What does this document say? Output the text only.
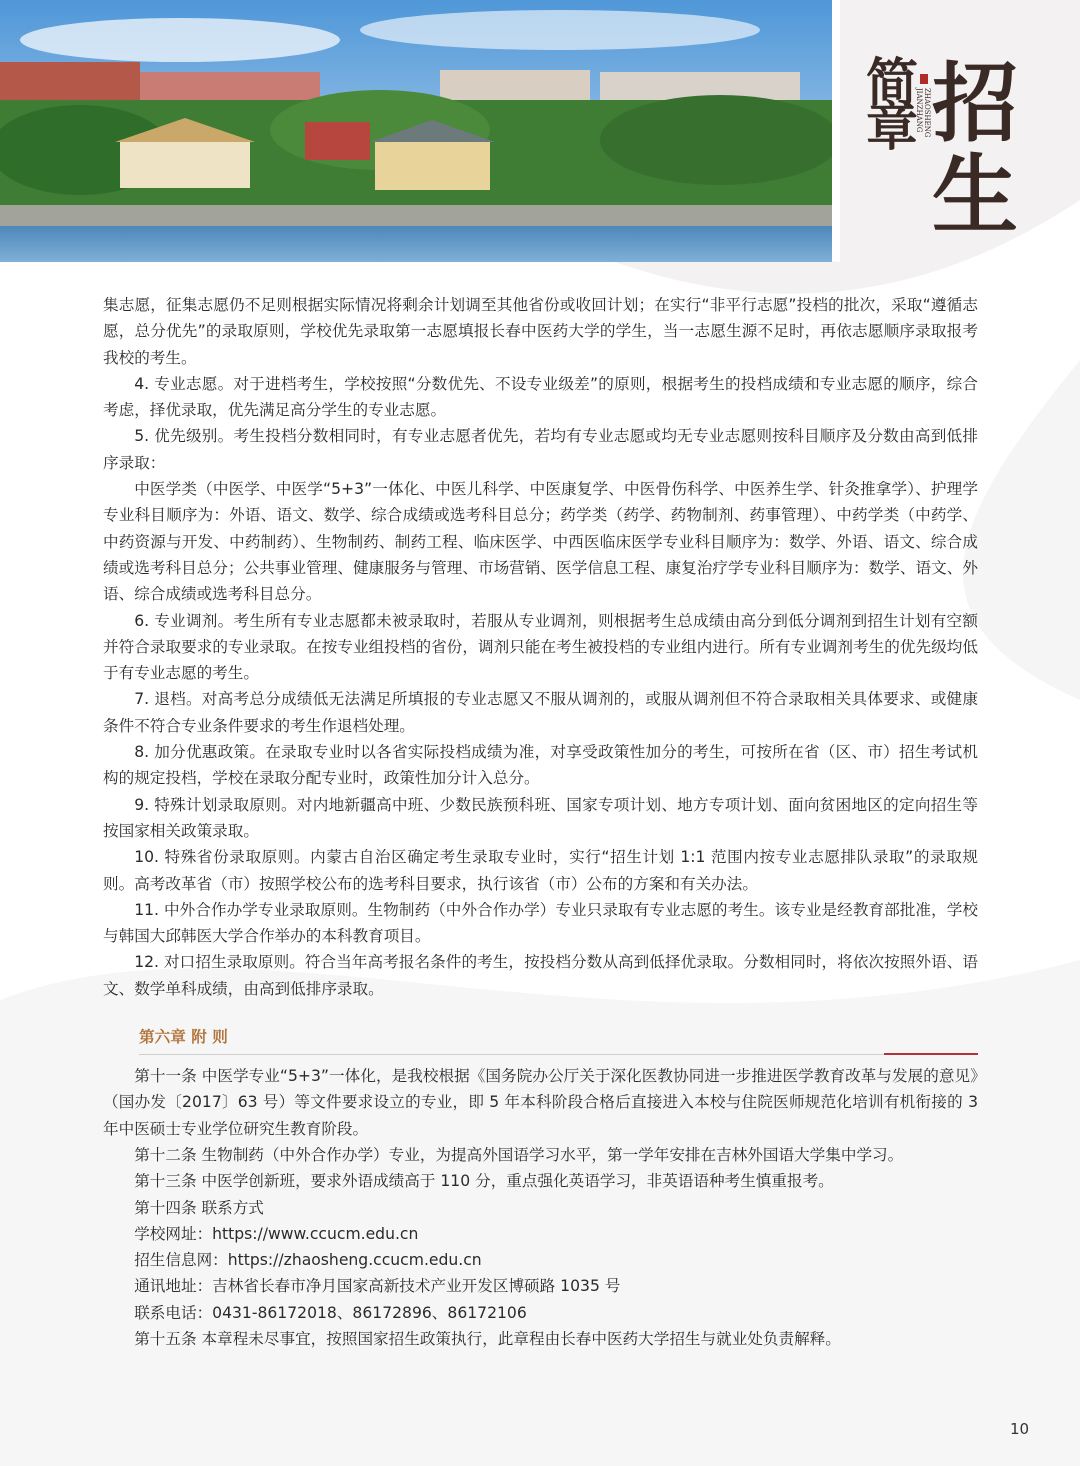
简章 ZHAOSHENG JIANZHANG 招生

集志愿，征集志愿仍不足则根据实际情况将剩余计划调至其他省份或收回计划；在实行“非平行志愿”投档的批次，采取“遵循志愿，总分优先”的录取原则，学校优先录取第一志愿填报长春中医药大学的学生，当一志愿生源不足时，再依志愿顺序录取报考我校的考生。

4. 专业志愿。对于进档考生，学校按照“分数优先、不设专业级差”的原则，根据考生的投档成绩和专业志愿的顺序，综合考虑，择优录取，优先满足高分学生的专业志愿。

5. 优先级别。考生投档分数相同时，有专业志愿者优先，若均有专业志愿或均无专业志愿则按科目顺序及分数由高到低排序录取：

中医学类（中医学、中医学“5+3”一体化、中医儿科学、中医康复学、中医骨伤科学、中医养生学、针灸推拿学）、护理学专业科目顺序为：外语、语文、数学、综合成绩或选考科目总分；药学类（药学、药物制剂、药事管理）、中药学类（中药学、中药资源与开发、中药制药）、生物制药、制药工程、临床医学、中西医临床医学专业科目顺序为：数学、外语、语文、综合成绩或选考科目总分；公共事业管理、健康服务与管理、市场营销、医学信息工程、康复治疗学专业科目顺序为：数学、语文、外语、综合成绩或选考科目总分。

6. 专业调剂。考生所有专业志愿都未被录取时，若服从专业调剂，则根据考生总成绩由高分到低分调剂到招生计划有空额并符合录取要求的专业录取。在按专业组投档的省份，调剂只能在考生被投档的专业组内进行。所有专业调剂考生的优先级均低于有专业志愿的考生。

7. 退档。对高考总分成绩低无法满足所填报的专业志愿又不服从调剂的，或服从调剂但不符合录取相关具体要求、或健康条件不符合专业条件要求的考生作退档处理。

8. 加分优惠政策。在录取专业时以各省实际投档成绩为准，对享受政策性加分的考生，可按所在省（区、市）招生考试机构的规定投档，学校在录取分配专业时，政策性加分计入总分。

9. 特殊计划录取原则。对内地新疆高中班、少数民族预科班、国家专项计划、地方专项计划、面向贫困地区的定向招生等按国家相关政策录取。

10. 特殊省份录取原则。内蒙古自治区确定考生录取专业时，实行“招生计划 1:1 范围内按专业志愿排队录取”的录取规则。高考改革省（市）按照学校公布的选考科目要求，执行该省（市）公布的方案和有关办法。

11. 中外合作办学专业录取原则。生物制药（中外合作办学）专业只录取有专业志愿的考生。该专业是经教育部批准，学校与韩国大邱韩医大学合作举办的本科教育项目。

12. 对口招生录取原则。符合当年高考报名条件的考生，按投档分数从高到低择优录取。分数相同时，将依次按照外语、语文、数学单科成绩，由高到低排序录取。

第六章 附 则

第十一条 中医学专业“5+3”一体化，是我校根据《国务院办公厅关于深化医教协同进一步推进医学教育改革与发展的意见》（国办发〔2017〕63 号）等文件要求设立的专业，即 5 年本科阶段合格后直接进入本校与住院医师规范化培训有机衔接的 3 年中医硕士专业学位研究生教育阶段。

第十二条 生物制药（中外合作办学）专业，为提高外国语学习水平，第一学年安排在吉林外国语大学集中学习。

第十三条 中医学创新班，要求外语成绩高于 110 分，重点强化英语学习，非英语语种考生慎重报考。

第十四条 联系方式

学校网址：https://www.ccucm.edu.cn

招生信息网：https://zhaosheng.ccucm.edu.cn

通讯地址：吉林省长春市净月国家高新技术产业开发区博硕路 1035 号

联系电话：0431-86172018、86172896、86172106

第十五条 本章程未尽事宜，按照国家招生政策执行，此章程由长春中医药大学招生与就业处负责解释。

10
